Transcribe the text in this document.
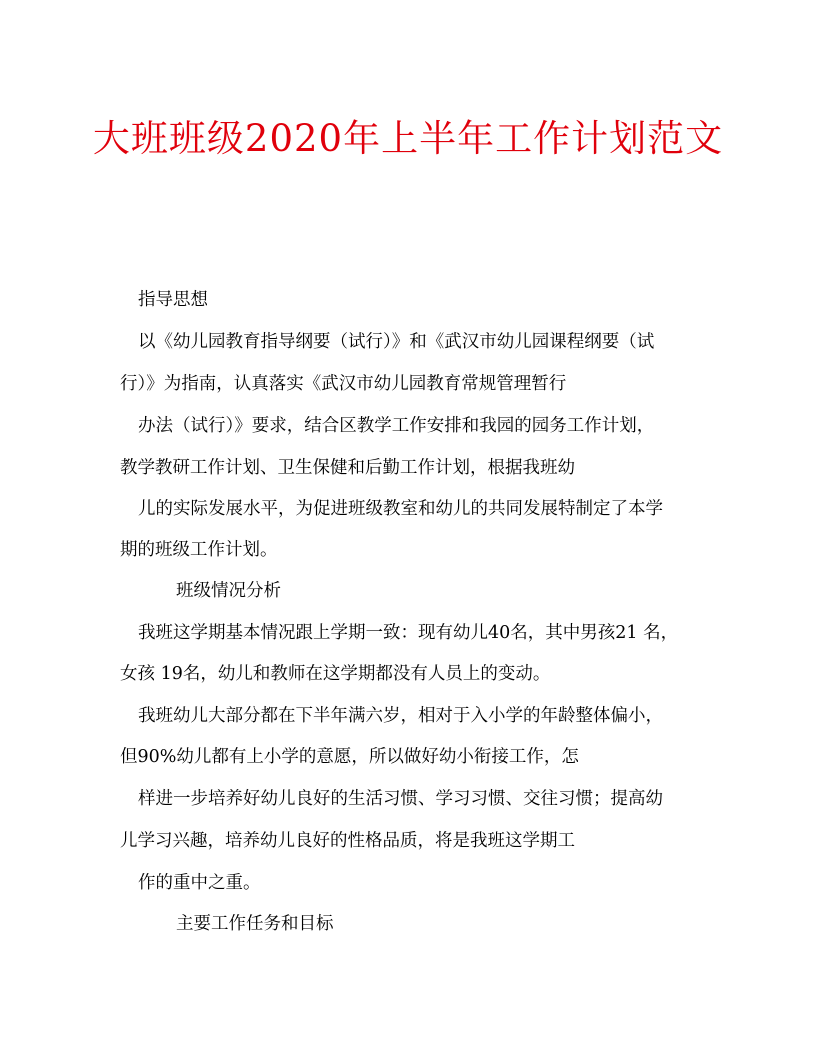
大班班级2020年上半年工作计划范文
指导思想
以《幼儿园教育指导纲要（试行）》和《武汉市幼儿园课程纲要（试
行）》为指南，认真落实《武汉市幼儿园教育常规管理暂行
办法（试行）》要求，结合区教学工作安排和我园的园务工作计划，
教学教研工作计划、卫生保健和后勤工作计划，根据我班幼
儿的实际发展水平，为促进班级教室和幼儿的共同发展特制定了本学
期的班级工作计划。
班级情况分析
我班这学期基本情况跟上学期一致：现有幼儿40名，其中男孩21 名，
女孩 19名，幼儿和教师在这学期都没有人员上的变动。
我班幼儿大部分都在下半年满六岁，相对于入小学的年龄整体偏小，
但90%幼儿都有上小学的意愿，所以做好幼小衔接工作，怎
样进一步培养好幼儿良好的生活习惯、学习习惯、交往习惯；提高幼
儿学习兴趣，培养幼儿良好的性格品质，将是我班这学期工
作的重中之重。
主要工作任务和目标
